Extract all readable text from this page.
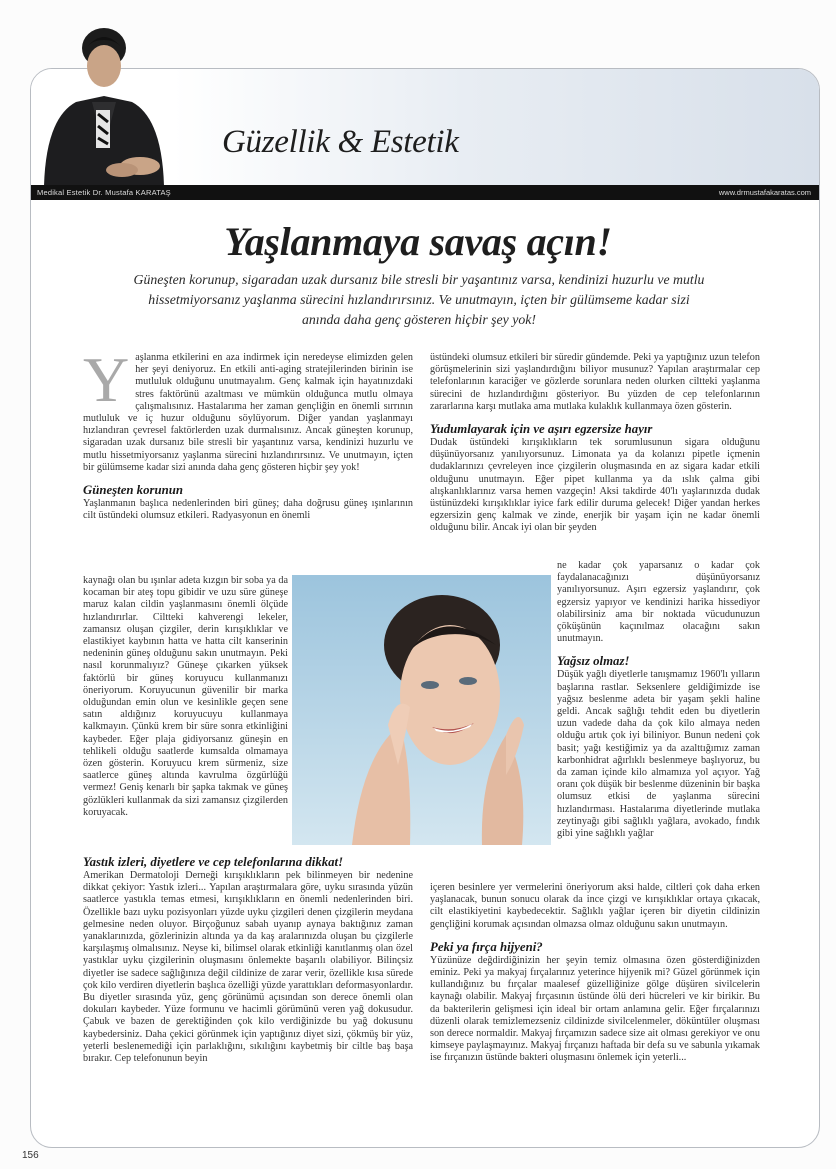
Güzellik & Estetik
Medikal Estetik Dr. Mustafa KARATAŞ	www.drmustafakaratas.com
Yaşlanmaya savaş açın!

Güneşten korunup, sigaradan uzak dursanız bile stresli bir yaşantınız varsa, kendinizi huzurlu ve mutlu hissetmiyorsanız yaşlanma sürecini hızlandırırsınız. Ve unutmayın, içten bir gülümseme kadar sizi anında daha genç gösteren hiçbir şey yok!

Y aşlanma etkilerini en aza indirmek için neredeyse elimizden gelen her şeyi deniyoruz. En etkili anti-aging stratejilerinden birinin ise mutluluk olduğunu unutmayalım. Genç kalmak için hayatınızdaki stres faktörünü azaltması ve mümkün olduğunca mutlu olmaya çalışmalısınız. Hastalarıma her zaman gençliğin en önemli sırrının mutluluk ve iç huzur olduğunu söylüyorum. Diğer yandan yaşlanmayı hızlandıran çevresel faktörlerden uzak durmalısınız. Ancak güneşten korunup, sigaradan uzak dursanız bile stresli bir yaşantınız varsa, kendinizi huzurlu ve mutlu hissetmiyorsanız yaşlanma sürecini hızlandırırsınız. Ve unutmayın, içten bir gülümseme kadar sizi anında daha genç gösteren hiçbir şey yok!

Güneşten korunun

Yaşlanmanın başlıca nedenlerinden biri güneş; daha doğrusu güneş ışınlarının cilt üstündeki olumsuz etkileri. Radyasyonun en önemli

kaynağı olan bu ışınlar adeta kızgın bir soba ya da kocaman bir ateş topu gibidir ve uzu süre güneşe maruz kalan cildin yaşlanmasını önemli ölçüde hızlandırırlar. Ciltteki kahverengi lekeler, zamansız oluşan çizgiler, derin kırışıklıklar ve elastikiyet kaybının hatta ve hatta cilt kanserinin nedeninin güneş olduğunu sakın unutmayın. Peki nasıl korunmalıyız? Güneşe çıkarken yüksek faktörlü bir güneş koruyucu kullanmanızı öneriyorum. Koruyucunun güvenilir bir marka olduğundan emin olun ve kesinlikle geçen sene satın aldığınız koruyucuyu kullanmaya kalkmayın. Çünkü krem bir süre sonra etkinliğini kaybeder. Eğer plaja gidiyorsanız güneşin en tehlikeli olduğu saatlerde kumsalda olmamaya özen gösterin. Koruyucu krem sürmeniz, size saatlerce güneş altında kavrulma özgürlüğü vermez! Geniş kenarlı bir şapka takmak ve güneş gözlükleri kullanmak da sizi zamansız çizgilerden koruyacak.

üstündeki olumsuz etkileri bir süredir gündemde. Peki ya yaptığınız uzun telefon görüşmelerinin sizi yaşlandırdığını biliyor musunuz? Yapılan araştırmalar cep telefonlarının karaciğer ve gözlerde sorunlara neden olurken ciltteki yaşlanma sürecini de hızlandırdığını gösteriyor. Bu yüzden de cep telefonlarının zararlarına karşı mutlaka ama mutlaka kulaklık kullanmaya özen gösterin.

Yudumlayarak için ve aşırı egzersize hayır

Dudak üstündeki kırışıklıkların tek sorumlusunun sigara olduğunu düşünüyorsanız yanılıyorsunuz. Limonata ya da kolanızı pipetle içmenin dudaklarınızı çevreleyen ince çizgilerin oluşmasında en az sigara kadar etkili olduğunu unutmayın. Eğer pipet kullanma ya da ıslık çalma gibi alışkanlıklarınız varsa hemen vazgeçin! Aksi takdirde 40'lı yaşlarınızda dudak üstünüzdeki kırışıklıklar iyice fark edilir duruma gelecek! Diğer yandan herkes egzersizin genç kalmak ve zinde, enerjik bir yaşam için ne kadar önemli olduğunu bilir. Ancak iyi olan bir şeyden

ne kadar çok yaparsanız o kadar çok faydalanacağınızı düşünüyorsanız yanılıyorsunuz. Aşırı egzersiz yaşlandırır, çok egzersiz yapıyor ve kendinizi harika hissediyor olabilirsiniz ama bir noktada vücudunuzun çöküşünün kaçınılmaz olacağını sakın unutmayın.

Yağsız olmaz!

Düşük yağlı diyetlerle tanışmamız 1960'lı yılların başlarına rastlar. Seksenlere geldiğimizde ise yağsız beslenme adeta bir yaşam şekli haline geldi. Ancak sağlığı tehdit eden bu diyetlerin uzun vadede daha da çok kilo almaya neden olduğu artık çok iyi biliniyor. Bunun nedeni çok basit; yağı kestiğimiz ya da azalttığımız zaman karbonhidrat ağırlıklı beslenmeye başlıyoruz, bu da zaman içinde kilo almamıza yol açıyor. Yağ oranı çok düşük bir beslenme düzeninin bir başka olumsuz etkisi de yaşlanma sürecini hızlandırması. Hastalarıma diyetlerinde mutlaka zeytinyağı gibi sağlıklı yağlara, avokado, fındık gibi yine sağlıklı yağlar

Yastık izleri, diyetlere ve cep telefonlarına dikkat!

Amerikan Dermatoloji Derneği kırışıklıkların pek bilinmeyen bir nedenine dikkat çekiyor: Yastık izleri... Yapılan araştırmalara göre, uyku sırasında yüzün saatlerce yastıkla temas etmesi, kırışıklıkların en önemli nedenlerinden biri. Özellikle bazı uyku pozisyonları yüzde uyku çizgileri denen çizgilerin meydana gelmesine neden oluyor. Birçoğunuz sabah uyanıp aynaya baktığınız zaman yanaklarınızda, gözlerinizin altında ya da kaş aralarınızda oluşan bu çizgilerle karşılaşmış olmalısınız. Neyse ki, bilimsel olarak etkinliği kanıtlanmış olan özel yastıklar uyku çizgilerinin oluşmasını önlemekte başarılı olabiliyor. Bilinçsiz diyetler ise sadece sağlığınıza değil cildinize de zarar verir, özellikle kısa sürede çok kilo verdiren diyetlerin başlıca özelliği yüzde yarattıkları deformasyonlardır. Bu diyetler sırasında yüz, genç görünümü açısından son derece önemli olan dokuları kaybeder. Yüze formunu ve hacimli görümünü veren yağ dokusudur. Çabuk ve bazen de gerektiğinden çok kilo verdiğinizde bu yağ dokusunu kaybedersiniz. Daha çekici görünmek için yaptığınız diyet sizi, çökmüş bir yüz, yeterli beslenemediği için parlaklığını, sıkılığını kaybetmiş bir ciltle baş başa bırakır. Cep telefonunun beyin

içeren besinlere yer vermelerini öneriyorum aksi halde, ciltleri çok daha erken yaşlanacak, bunun sonucu olarak da ince çizgi ve kırışıklıklar ortaya çıkacak, cilt elastikiyetini kaybedecektir. Sağlıklı yağlar içeren bir diyetin cildinizin gençliğini korumak açısından olmazsa olmaz olduğunu sakın unutmayın.

Peki ya fırça hijyeni?

Yüzünüze değdirdiğinizin her şeyin temiz olmasına özen gösterdiğinizden eminiz. Peki ya makyaj fırçalarınız yeterince hijyenik mi? Güzel görünmek için kullandığınız bu fırçalar maalesef güzelliğinize gölge düşüren sivilcelerin kaynağı olabilir. Makyaj fırçasının üstünde ölü deri hücreleri ve kir birikir. Bu da bakterilerin gelişmesi için ideal bir ortam anlamına gelir. Eğer fırçalarınızı düzenli olarak temizlemezseniz cildinizde sivilcelenmeler, döküntüler oluşması son derece normaldir. Makyaj fırçamızın sadece size ait olması gerekiyor ve onu kimseye paylaşmayınız. Makyaj fırçanızı haftada bir defa su ve sabunla yıkamak ise fırçanızın üstünde bakteri oluşmasını önlemek için yeterli...

156
